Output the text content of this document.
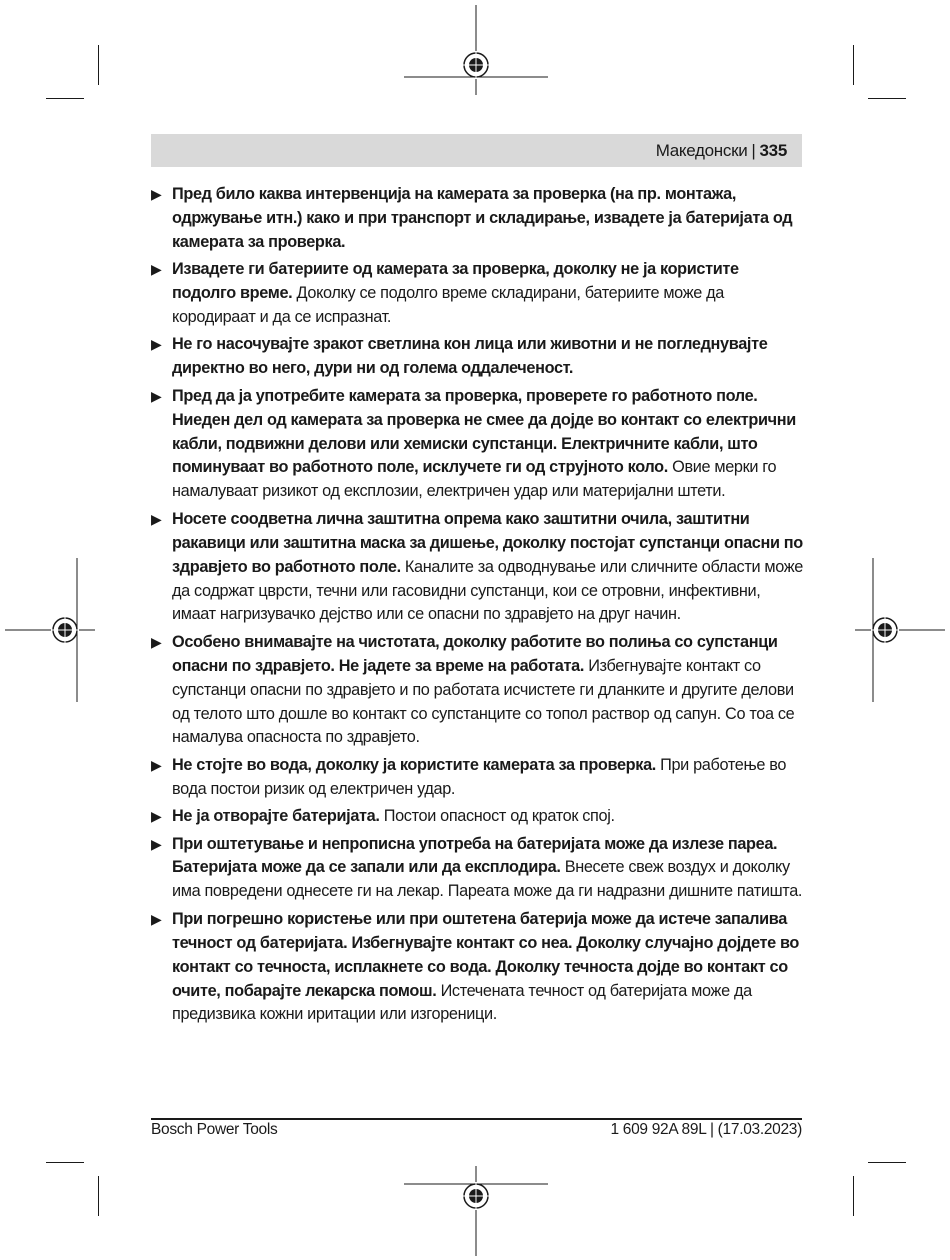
Македонски | 335
▶ Пред било каква интервенција на камерата за проверка (на пр. монтажа, одржување итн.) како и при транспорт и складирање, извадете ја батеријата од камерата за проверка.
▶ Извадете ги батериите од камерата за проверка, доколку не ја користите подолго време. Доколку се подолго време складирани, батериите може да кородираат и да се испразнат.
▶ Не го насочувајте зракот светлина кон лица или животни и не погледнувајте директно во него, дури ни од голема оддалеченост.
▶ Пред да ја употребите камерата за проверка, проверете го работното поле. Ниеден дел од камерата за проверка не смее да дојде во контакт со електрични кабли, подвижни делови или хемиски супстанци. Електричните кабли, што поминуваат во работното поле, исклучете ги од струјното коло. Овие мерки го намалуваат ризикот од експлозии, електричен удар или материјални штети.
▶ Носете соодветна лична заштитна опрема како заштитни очила, заштитни ракавици или заштитна маска за дишење, доколку постојат супстанци опасни по здравјето во работното поле. Каналите за одводнување или сличните области може да содржат цврсти, течни или гасовидни супстанци, кои се отровни, инфективни, имаат нагризувачко дејство или се опасни по здравјето на друг начин.
▶ Особено внимавајте на чистотата, доколку работите во полиња со супстанци опасни по здравјето. Не јадете за време на работата. Избегнувајте контакт со супстанци опасни по здравјето и по работата исчистете ги дланките и другите делови од телото што дошле во контакт со супстанците со топол раствор од сапун. Со тоа се намалува опасноста по здравјето.
▶ Не стојте во вода, доколку ја користите камерата за проверка. При работење во вода постои ризик од електричен удар.
▶ Не ја отворајте батеријата. Постои опасност од краток спој.
▶ При оштетување и непрописна употреба на батеријата може да излезе пареа. Батеријата може да се запали или да експлодира. Внесете свеж воздух и доколку има повредени однесете ги на лекар. Пареата може да ги надразни дишните патишта.
▶ При погрешно користење или при оштетена батерија може да истече запалива течност од батеријата. Избегнувајте контакт со неа. Доколку случајно дојдете во контакт со течноста, исплакнете со вода. Доколку течноста дојде во контакт со очите, побарајте лекарска помош. Истечената течност од батеријата може да предизвика кожни иритации или изгореници.
Bosch Power Tools	1 609 92A 89L | (17.03.2023)
